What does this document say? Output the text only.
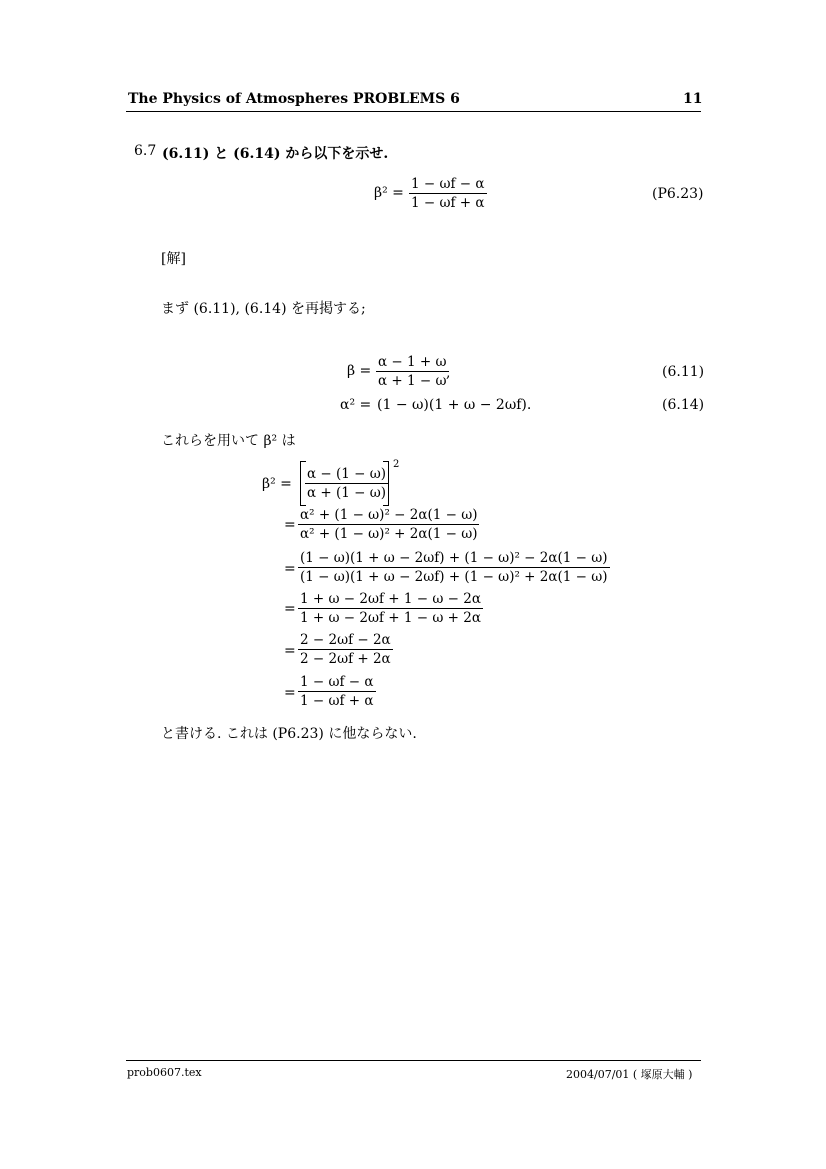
The Physics of Atmospheres PROBLEMS 6	11
6.7 (6.11) と (6.14) から以下を示せ.
$\beta^2 = \frac{1 - \omega f - \alpha}{1 - \omega f + \alpha}$	(P6.23)
[解]
まず (6.11), (6.14) を再掲する;
$\beta = \frac{\alpha - 1 + \omega}{\alpha + 1 - \omega}$
,	(6.11)
α² = (1 − ω)(1 + ω − 2ωf).	(6.14)
これらを用いて β² は
$\beta^2 = \frac{\alpha - (1 - \omega)}{\alpha + (1 - \omega)}$
2
= $\frac{\text{α² + (1 − ω)² − 2α(1 − ω)}}{\text{α² + (1 − ω)² + 2α(1 − ω)}}$
= $\frac{\text{(1 − ω)(1 + ω − 2ωf) + (1 − ω)² − 2α(1 − ω)}}{\text{(1 − ω)(1 + ω − 2ωf) + (1 − ω)² + 2α(1 − ω)}}$
= $\frac{1 + \omega - 2\omega f + 1 - \omega - 2\alpha}{1 + \omega - 2\omega f + 1 - \omega + 2\alpha}$
= $\frac{2 - 2\omega f - 2\alpha}{2 - 2\omega f + 2\alpha}$
= $\frac{1 - \omega f - \alpha}{1 - \omega f + \alpha}$
と書ける. これは (P6.23) に他ならない.
prob0607.tex	2004/07/01 ( 塚原大輔 )
